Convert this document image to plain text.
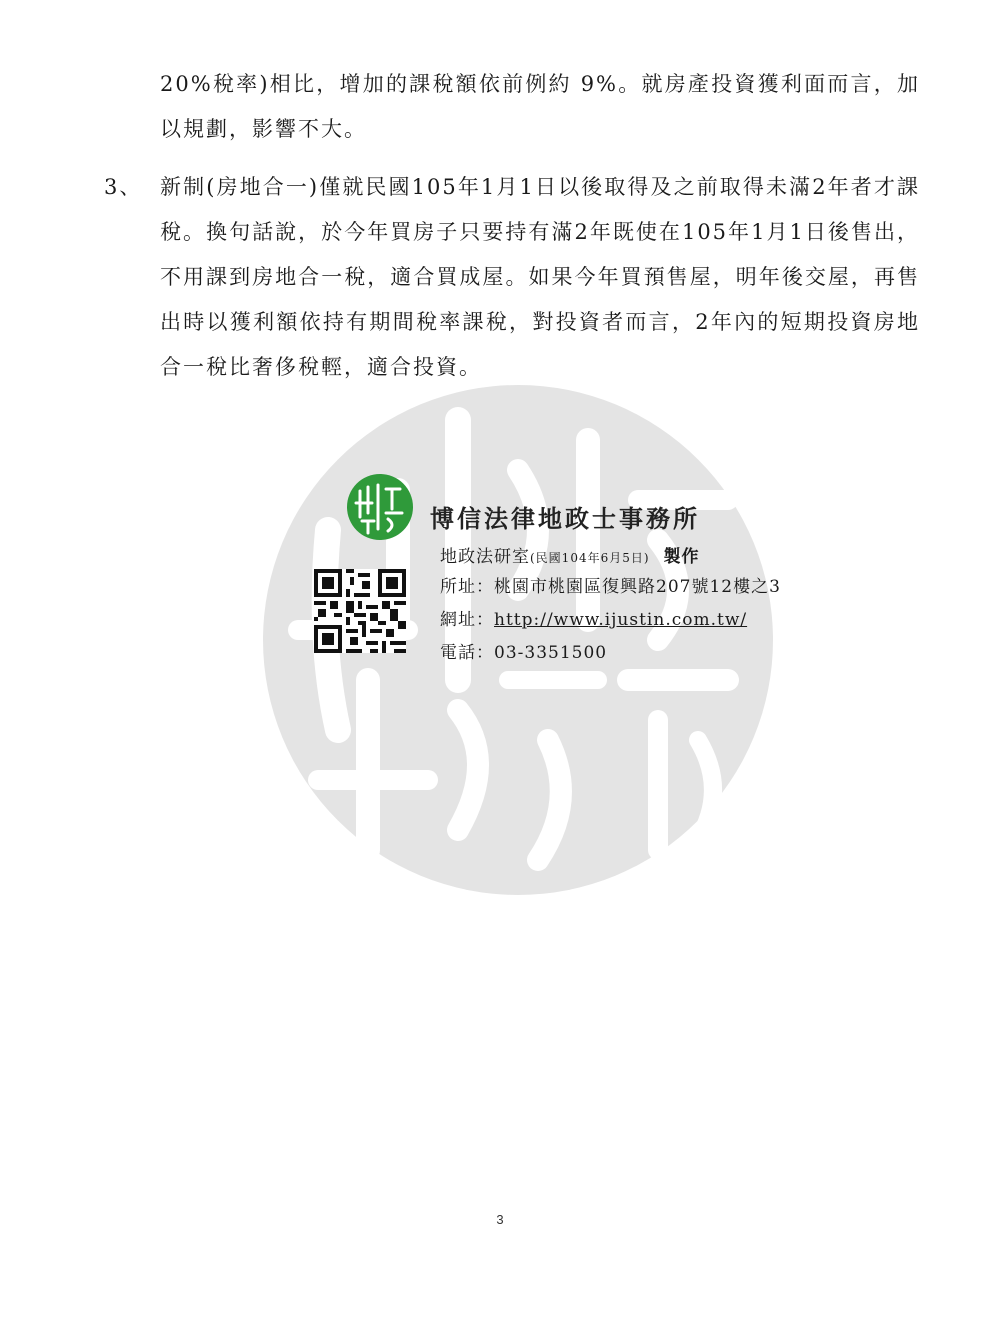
20%稅率)相比，增加的課稅額依前例約 9%。就房產投資獲利面而言，加以規劃，影響不大。

3、 新制(房地合一)僅就民國105年1月1日以後取得及之前取得未滿2年者才課稅。換句話說，於今年買房子只要持有滿2年既使在105年1月1日後售出，不用課到房地合一稅，適合買成屋。如果今年買預售屋，明年後交屋，再售出時以獲利額依持有期間稅率課稅，對投資者而言，2年內的短期投資房地合一稅比奢侈稅輕，適合投資。

博信法律地政士事務所
地政法研室(民國104年6月5日) 製作
所址：桃園市桃園區復興路207號12樓之3
網址：http://www.ijustin.com.tw/
電話：03-3351500
3
